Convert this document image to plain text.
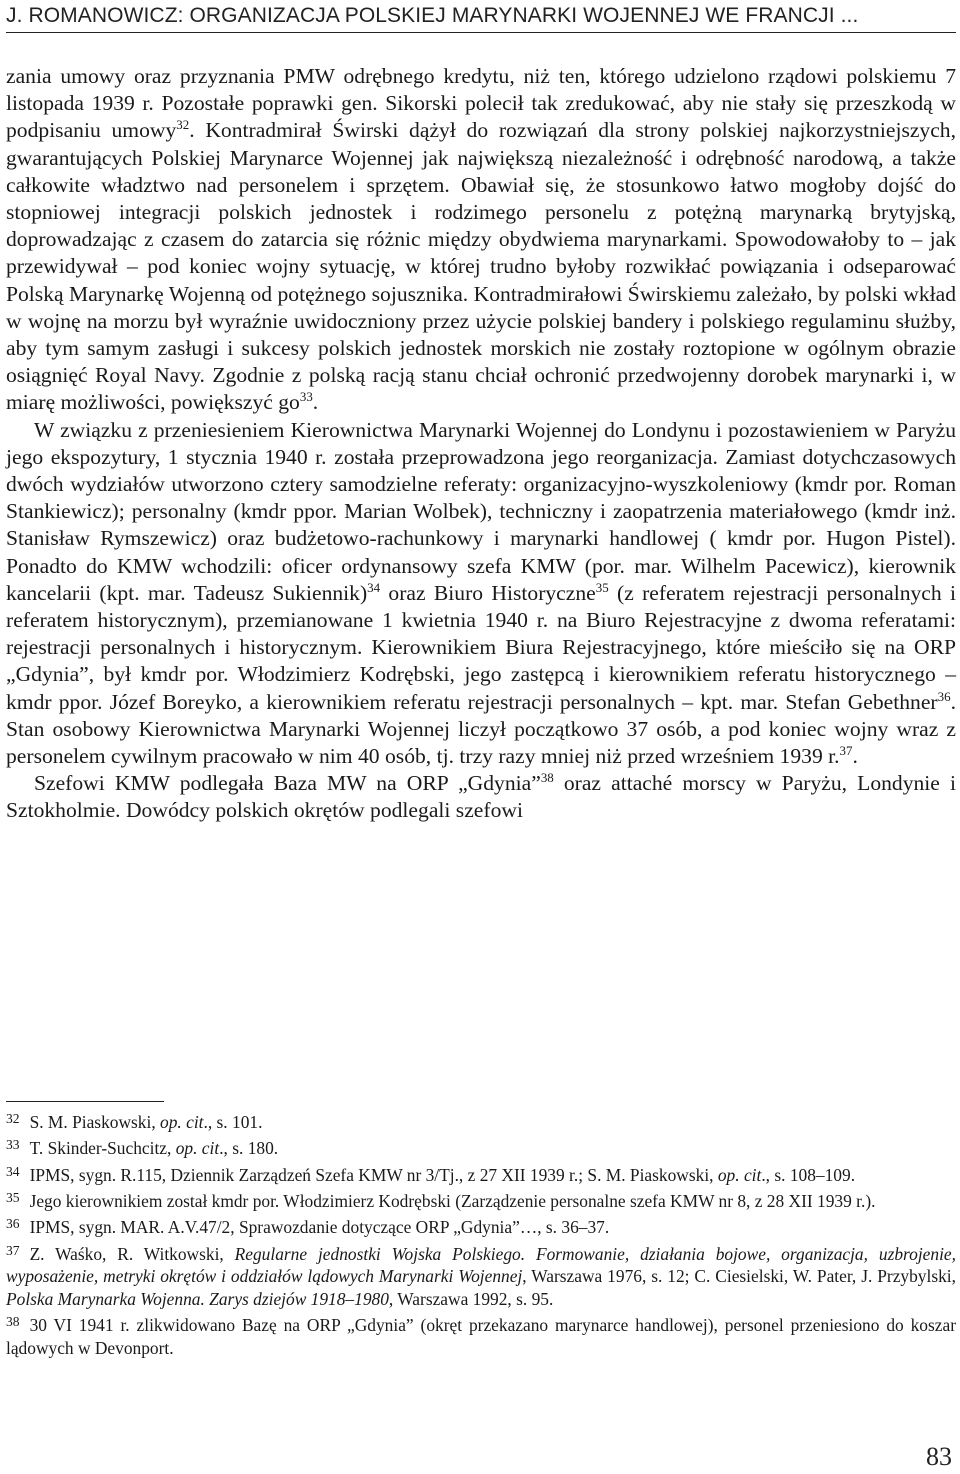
J. ROMANOWICZ: ORGANIZACJA POLSKIEJ MARYNARKI WOJENNEJ WE FRANCJI ...

zania umowy oraz przyznania PMW odrębnego kredytu, niż ten, którego udzielono rządowi polskiemu 7 listopada 1939 r. Pozostałe poprawki gen. Sikorski polecił tak zredukować, aby nie stały się przeszkodą w podpisaniu umowy$^{32}$. Kontradmirał Świrski dążył do rozwiązań dla strony polskiej najkorzystniejszych, gwarantujących Polskiej Marynarce Wojennej jak największą niezależność i odrębność narodową, a także całkowite władztwo nad personelem i sprzętem. Obawiał się, że stosunkowo łatwo mogłoby dojść do stopniowej integracji polskich jednostek i rodzimego personelu z potężną marynarką brytyjską, doprowadzając z czasem do zatarcia się różnic między obydwiema marynarkami. Spowodowałoby to – jak przewidywał – pod koniec wojny sytuację, w której trudno byłoby rozwikłać powiązania i odseparować Polską Marynarkę Wojenną od potężnego sojusznika. Kontradmirałowi Świrskiemu zależało, by polski wkład w wojnę na morzu był wyraźnie uwidoczniony przez użycie polskiej bandery i polskiego regulaminu służby, aby tym samym zasługi i sukcesy polskich jednostek morskich nie zostały roztopione w ogólnym obrazie osiągnięć Royal Navy. Zgodnie z polską racją stanu chciał ochronić przedwojenny dorobek marynarki i, w miarę możliwości, powiększyć $go^{33}$.

W związku z przeniesieniem Kierownictwa Marynarki Wojennej do Londynu i pozostawieniem w Paryżu jego ekspozytury, 1 stycznia 1940 r. została przeprowadzona jego reorganizacja. Zamiast dotychczasowych dwóch wydziałów utworzono cztery samodzielne referaty: organizacyjno-wyszkoleniowy (kmdr por. Roman Stankiewicz); personalny (kmdr ppor. Marian Wolbek), techniczny i zaopatrzenia materiałowego (kmdr inż. Stanisław Rymszewicz) oraz budżetowo-rachunkowy i marynarki handlowej ( kmdr por. Hugon Pistel). Ponadto do KMW wchodzili: oficer ordynansowy szefa KMW (por. mar. Wilhelm Pacewicz), kierownik kancelarii (kpt. mar. Tadeusz Sukiennik)$^{34}$ oraz Biuro Historyczne$^{35}$ (z referatem rejestracji personalnych i referatem historycznym), przemianowane 1 kwietnia 1940 r. na Biuro Rejestracyjne z dwoma referatami: rejestracji personalnych i historycznym. Kierownikiem Biura Rejestracyjnego, które mieściło się na ORP „Gdynia”, był kmdr por. Włodzimierz Kodrębski, jego zastępcą i kierownikiem referatu historycznego – kmdr ppor. Józef Boreyko, a kierownikiem referatu rejestracji personalnych – kpt. mar. Stefan Gebethner$^{36}$. Stan osobowy Kierownictwa Marynarki Wojennej liczył początkowo 37 osób, a pod koniec wojny wraz z personelem cywilnym pracowało w nim 40 osób, tj. trzy razy mniej niż przed wrześniem 1939 r.$^{37}$.

Szefowi KMW podlegała Baza MW na ORP „Gdynia”$^{38}$ oraz attaché morscy w Paryżu, Londynie i Sztokholmie. Dowódcy polskich okrętów podlegali szefowi

$^{32}$ S. M. Piaskowski, op. cit., s. 101.

$^{33}$ T. Skinder-Suchcitz, op. cit., s. 180.

$^{34}$ IPMS, sygn. R.115, Dziennik Zarządzeń Szefa KMW nr 3/Tj., z 27 XII 1939 r.; S. M. Piaskowski, op. cit., s. 108–109.

$^{35}$ Jego kierownikiem został kmdr por. Włodzimierz Kodrębski (Zarządzenie personalne szefa KMW nr 8, z 28 XII 1939 r.).

$^{36}$ IPMS, sygn. MAR. A.V.47/2, Sprawozdanie dotyczące ORP „Gdynia”…, s. 36–37.

$^{37}$ Z. Waśko, R. Witkowski, Regularne jednostki Wojska Polskiego. Formowanie, działania bojowe, organizacja, uzbrojenie, wyposażenie, metryki okrętów i oddziałów lądowych Marynarki Wojennej, Warszawa 1976, s. 12; C. Ciesielski, W. Pater, J. Przybylski, Polska Marynarka Wojenna. Zarys dziejów 1918–1980, Warszawa 1992, s. 95.

$^{38}$ 30 VI 1941 r. zlikwidowano Bazę na ORP „Gdynia” (okręt przekazano marynarce handlowej), personel przeniesiono do koszar lądowych w Devonport.

83
